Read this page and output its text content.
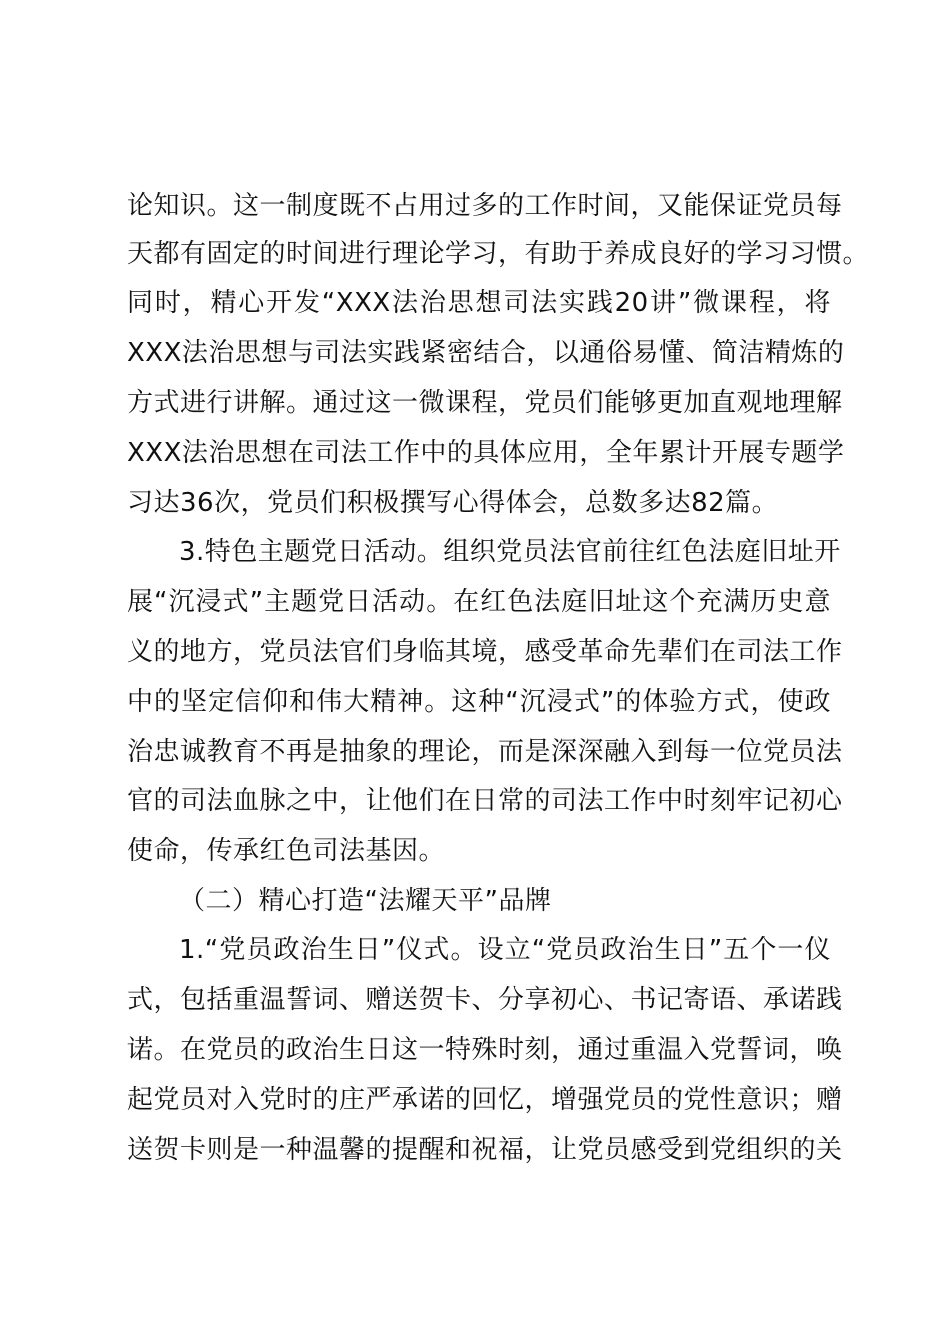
论知识。这一制度既不占用过多的工作时间，又能保证党员每
天都有固定的时间进行理论学习，有助于养成良好的学习习惯。
同时，精心开发“XXX法治思想司法实践20讲”微课程，将
XXX法治思想与司法实践紧密结合，以通俗易懂、简洁精炼的
方式进行讲解。通过这一微课程，党员们能够更加直观地理解
XXX法治思想在司法工作中的具体应用，全年累计开展专题学
习达36次，党员们积极撰写心得体会，总数多达82篇。
3.特色主题党日活动。组织党员法官前往红色法庭旧址开
展“沉浸式”主题党日活动。在红色法庭旧址这个充满历史意
义的地方，党员法官们身临其境，感受革命先辈们在司法工作
中的坚定信仰和伟大精神。这种“沉浸式”的体验方式，使政
治忠诚教育不再是抽象的理论，而是深深融入到每一位党员法
官的司法血脉之中，让他们在日常的司法工作中时刻牢记初心
使命，传承红色司法基因。
（二）精心打造“法耀天平”品牌
1.“党员政治生日”仪式。设立“党员政治生日”五个一仪
式，包括重温誓词、赠送贺卡、分享初心、书记寄语、承诺践
诺。在党员的政治生日这一特殊时刻，通过重温入党誓词，唤
起党员对入党时的庄严承诺的回忆，增强党员的党性意识；赠
送贺卡则是一种温馨的提醒和祝福，让党员感受到党组织的关
